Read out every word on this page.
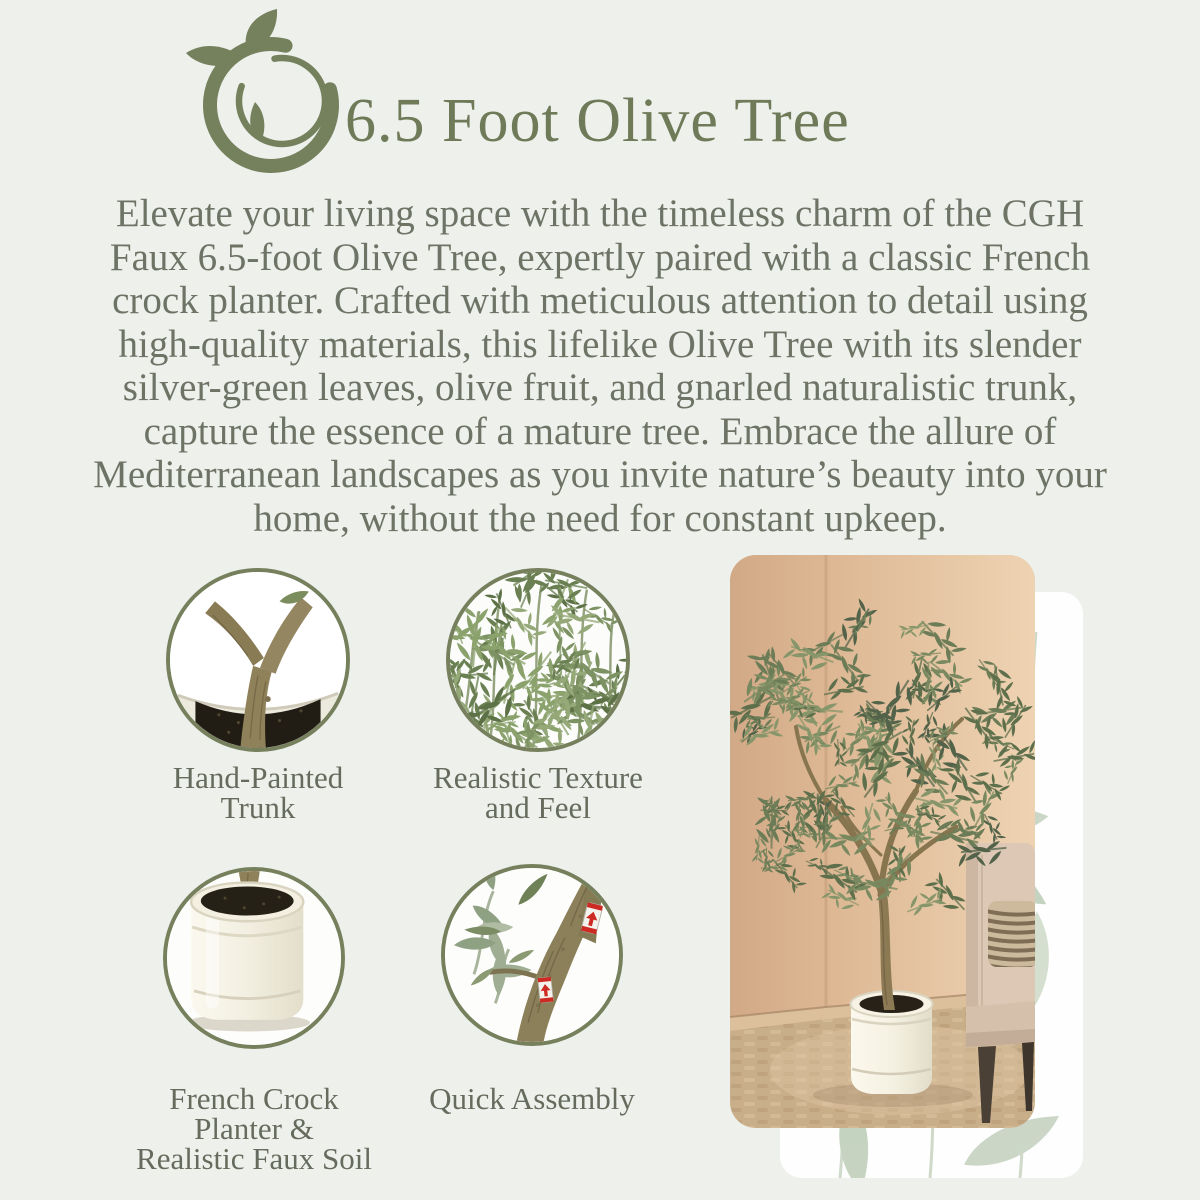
6.5 Foot Olive Tree
Elevate your living space with the timeless charm of the CGH
Faux 6.5-foot Olive Tree, expertly paired with a classic French
crock planter. Crafted with meticulous attention to detail using
high-quality materials, this lifelike Olive Tree with its slender
silver-green leaves, olive fruit, and gnarled naturalistic trunk,
capture the essence of a mature tree. Embrace the allure of
Mediterranean landscapes as you invite nature’s beauty into your
home, without the need for constant upkeep.
Hand-Painted
Trunk
Realistic Texture
and Feel
French Crock
Planter &
Realistic Faux Soil
Quick Assembly
